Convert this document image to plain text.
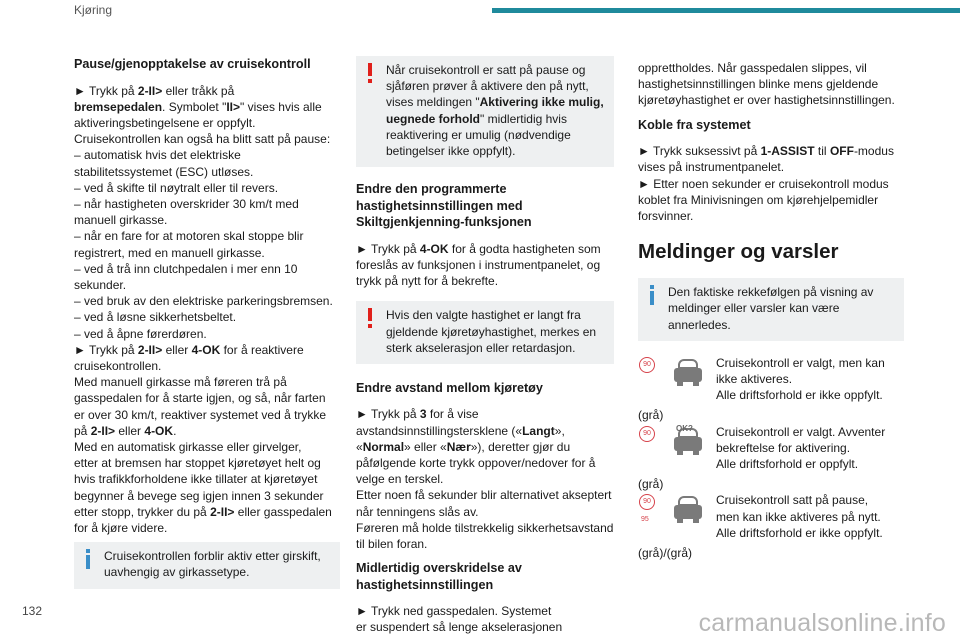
Kjøring
Pause/gjenopptakelse av cruisekontroll
► Trykk på 2-II> eller tråkk på
bremsepedalen. Symbolet "II>" vises hvis alle
aktiveringsbetingelsene er oppfylt.
Cruisekontrollen kan også ha blitt satt på pause:
– automatisk hvis det elektriske
stabilitetssystemet (ESC) utløses.
– ved å skifte til nøytralt eller til revers.
– når hastigheten overskrider 30 km/t med
manuell girkasse.
– når en fare for at motoren skal stoppe blir
registrert, med en manuell girkasse.
– ved å trå inn clutchpedalen i mer enn 10
sekunder.
– ved bruk av den elektriske parkeringsbremsen.
– ved å løsne sikkerhetsbeltet.
– ved å åpne førerdøren.
► Trykk på 2-II> eller 4-OK for å reaktivere
cruisekontrollen.
Med manuell girkasse må føreren trå på
gasspedalen for å starte igjen, og så, når farten
er over 30 km/t, reaktiver systemet ved å trykke
på 2-II> eller 4-OK.
Med en automatisk girkasse eller girvelger,
etter at bremsen har stoppet kjøretøyet helt og
hvis trafikkforholdene ikke tillater at kjøretøyet
begynner å bevege seg igjen innen 3 sekunder
etter stopp, trykker du på 2-II> eller gasspedalen
for å kjøre videre.
Cruisekontrollen forblir aktiv etter girskift,
uavhengig av girkassetype.
Når cruisekontroll er satt på pause og
sjåføren prøver å aktivere den på nytt,
vises meldingen "Aktivering ikke mulig,
uegnede forhold" midlertidig hvis
reaktivering er umulig (nødvendige
betingelser ikke oppfylt).
Endre den programmerte
hastighetsinnstillingen med
Skiltgjenkjenning-funksjonen
► Trykk på 4-OK for å godta hastigheten som
foreslås av funksjonen i instrumentpanelet, og
trykk på nytt for å bekrefte.
Hvis den valgte hastighet er langt fra
gjeldende kjøretøyhastighet, merkes en
sterk akselerasjon eller retardasjon.
Endre avstand mellom kjøretøy
► Trykk på 3 for å vise
avstandsinnstillingstersklene («Langt»,
«Normal» eller «Nær»), deretter gjør du
påfølgende korte trykk oppover/nedover for å
velge en terskel.
Etter noen få sekunder blir alternativet akseptert
når tenningens slås av.
Føreren må holde tilstrekkelig sikkerhetsavstand
til bilen foran.
Midlertidig overskridelse av
hastighetsinnstillingen
► Trykk ned gasspedalen. Systemet
er suspendert så lenge akselerasjonen
opprettholdes. Når gasspedalen slippes, vil
hastighetsinnstillingen blinke mens gjeldende
kjøretøyhastighet er over hastighetsinnstillingen.
Koble fra systemet
► Trykk suksessivt på 1-ASSIST til OFF-modus
vises på instrumentpanelet.
► Etter noen sekunder er cruisekontroll modus
koblet fra Minivisningen om kjørehjelpemidler
forsvinner.
Meldinger og varsler
Den faktiske rekkefølgen på visning av
meldinger eller varsler kan være
annerledes.
90	Cruisekontroll er valgt, men kan
ikke aktiveres.
Alle driftsforhold er ikke oppfylt.
(grå)
90
OK? Cruisekontroll er valgt. Avventer
bekreftelse for aktivering.
Alle driftsforhold er oppfylt.
(grå)
90
95
Cruisekontroll satt på pause,
men kan ikke aktiveres på nytt.
Alle driftsforhold er ikke oppfylt.
(grå)/(grå)
132	carmanualsonline.info
